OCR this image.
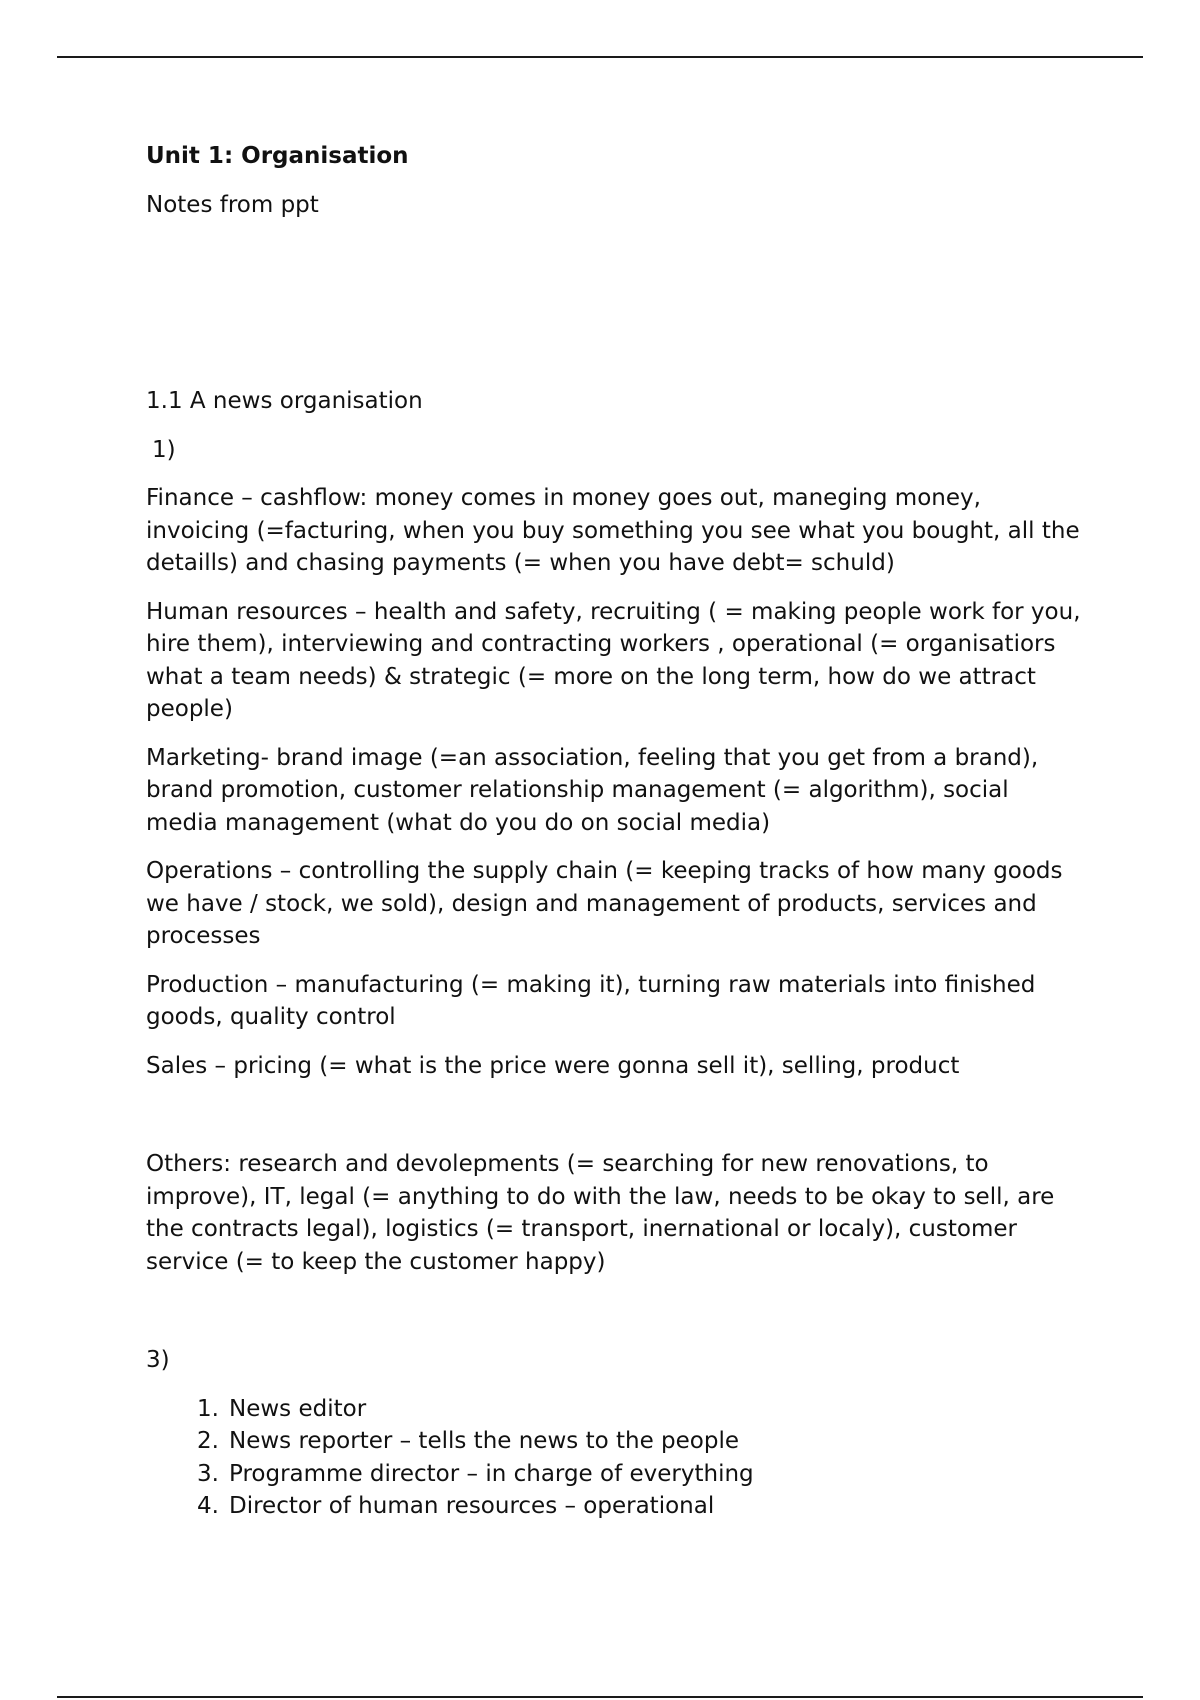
Unit 1: Organisation

Notes from ppt

1.1 A news organisation

1)

Finance – cashflow: money comes in money goes out, maneging money, invoicing (=facturing, when you buy something you see what you bought, all the detaills) and chasing payments (= when you have debt= schuld)

Human resources – health and safety, recruiting ( = making people work for you, hire them), interviewing and contracting workers , operational (= organisatiors what a team needs) & strategic (= more on the long term, how do we attract people)

Marketing- brand image (=an association, feeling that you get from a brand), brand promotion, customer relationship management (= algorithm), social media management (what do you do on social media)

Operations – controlling the supply chain (= keeping tracks of how many goods we have / stock, we sold), design and management of products, services and processes

Production – manufacturing (= making it), turning raw materials into finished goods, quality control

Sales – pricing (= what is the price were gonna sell it), selling, product

Others: research and devolepments (= searching for new renovations, to improve), IT, legal (= anything to do with the law, needs to be okay to sell, are the contracts legal), logistics (= transport, inernational or localy), customer service (= to keep the customer happy)

3)

1. News editor
2. News reporter – tells the news to the people
3. Programme director – in charge of everything
4. Director of human resources – operational
